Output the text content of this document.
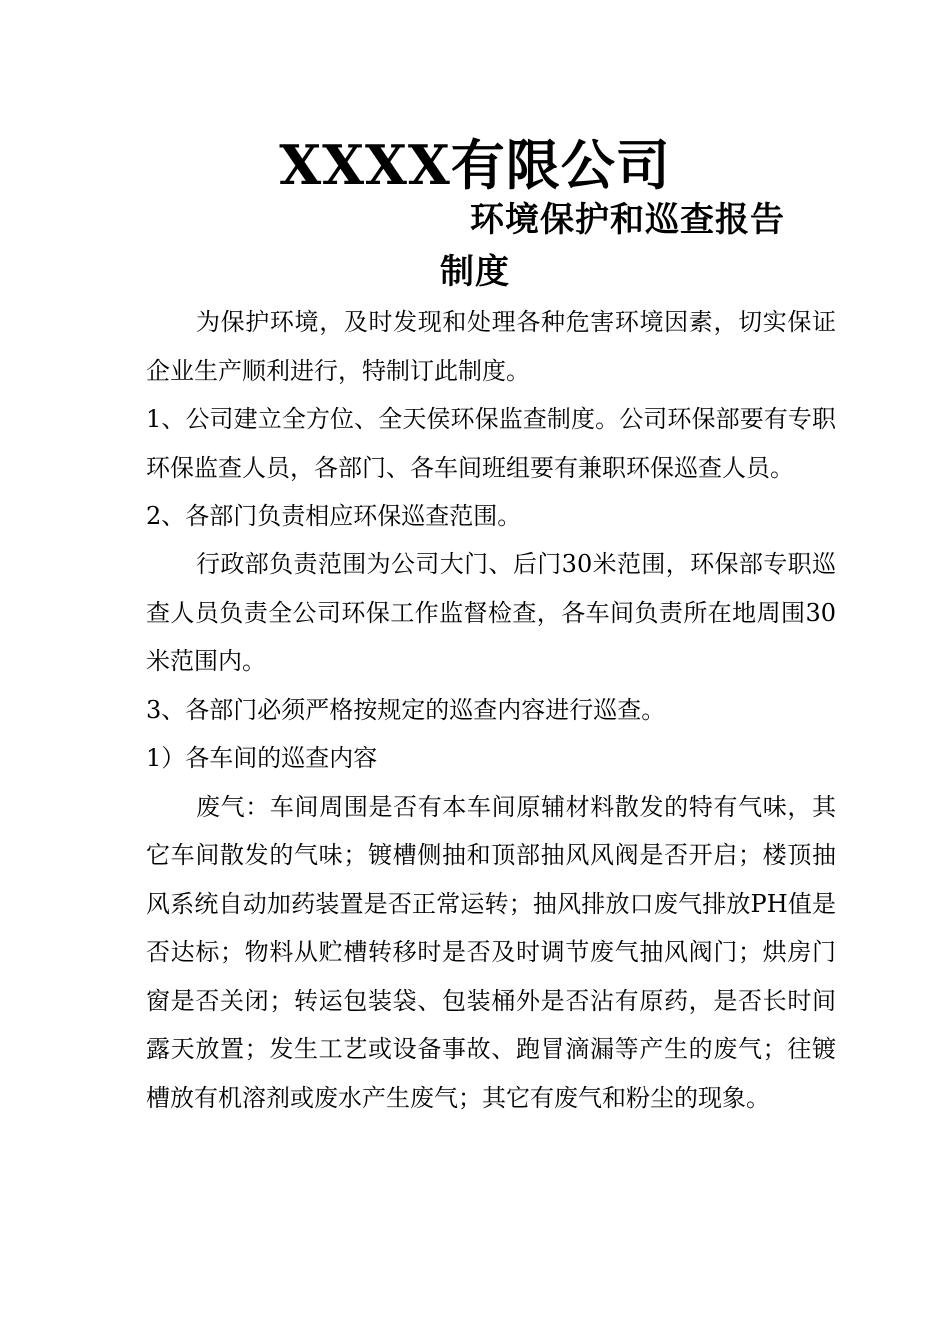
XXXX有限公司
环境保护和巡查报告
制度

为保护环境，及时发现和处理各种危害环境因素，切实保证企业生产顺利进行，特制订此制度。

1、公司建立全方位、全天侯环保监查制度。公司环保部要有专职环保监查人员，各部门、各车间班组要有兼职环保巡查人员。

2、各部门负责相应环保巡查范围。

行政部负责范围为公司大门、后门30米范围，环保部专职巡查人员负责全公司环保工作监督检查，各车间负责所在地周围30米范围内。

3、各部门必须严格按规定的巡查内容进行巡查。

1）各车间的巡查内容

废气：车间周围是否有本车间原辅材料散发的特有气味，其它车间散发的气味；镀槽侧抽和顶部抽风风阀是否开启；楼顶抽风系统自动加药装置是否正常运转；抽风排放口废气排放PH值是否达标；物料从贮槽转移时是否及时调节废气抽风阀门；烘房门窗是否关闭；转运包装袋、包装桶外是否沾有原药，是否长时间露天放置；发生工艺或设备事故、跑冒滴漏等产生的废气；往镀槽放有机溶剂或废水产生废气；其它有废气和粉尘的现象。
